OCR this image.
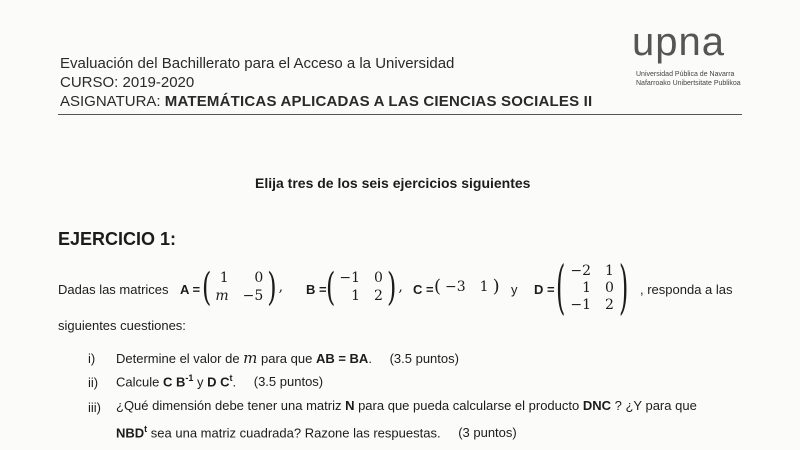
Evaluación del Bachillerato para el Acceso a la Universidad
CURSO: 2019-2020
ASIGNATURA: MATEMÁTICAS APLICADAS A LAS CIENCIAS SOCIALES II
upna
Universidad Pública de Navarra
Nafarroako Unibertsitate Publikoa
Elija tres de los seis ejercicios siguientes
EJERCICIO 1:
Dadas las matrices A = ( 1	0
m −5 ) , B = ( −1 0
1 2 ) , C = ( −3 1 ) y D = ( −2 1
1 0
−1 2 ) , responda a las
siguientes cuestiones:
i) Determine el valor de m para que AB = BA. (3.5 puntos)
ii) Calcule C $B^{-1}$ y D $C^t$. (3.5 puntos)
iii) ¿Qué dimensión debe tener una matriz N para que pueda calcularse el producto DNC ? ¿Y para que
NBD$^t$ sea una matriz cuadrada? Razone las respuestas. (3 puntos)
